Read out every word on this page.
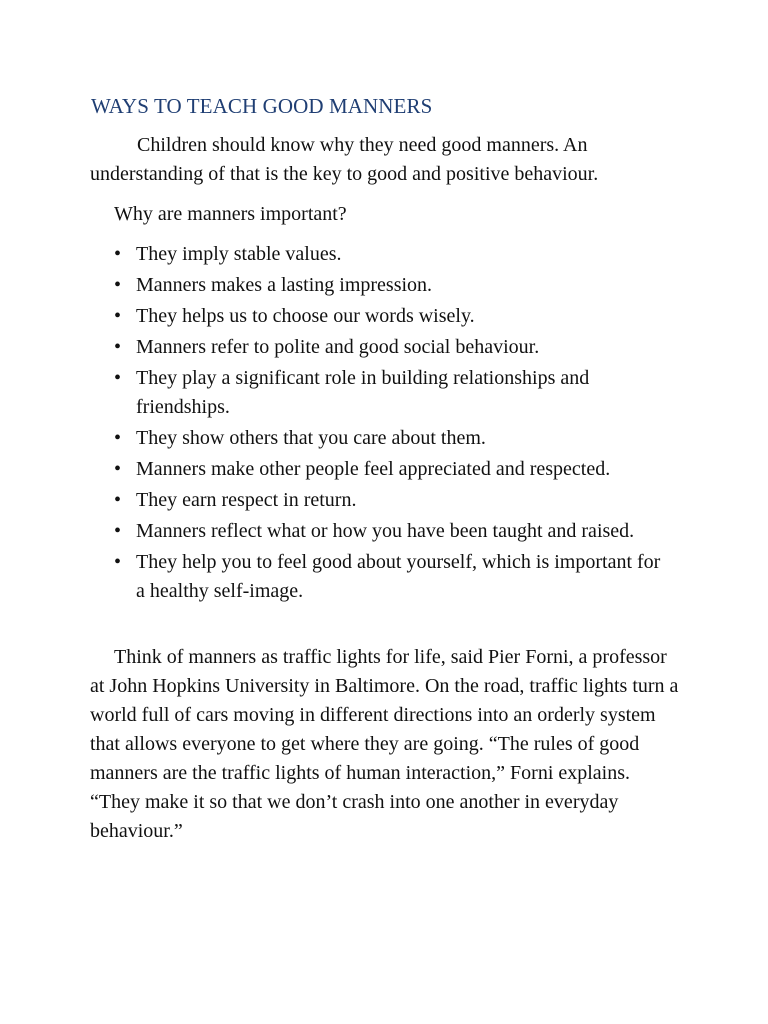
WAYS TO TEACH GOOD MANNERS

Children should know why they need good manners. An understanding of that is the key to good and positive behaviour.

Why are manners important?

• They imply stable values.
• Manners makes a lasting impression.
• They helps us to choose our words wisely.
• Manners refer to polite and good social behaviour.
• They play a significant role in building relationships and friendships.
• They show others that you care about them.
• Manners make other people feel appreciated and respected.
• They earn respect in return.
• Manners reflect what or how you have been taught and raised.
• They help you to feel good about yourself, which is important for a healthy self-image.

Think of manners as traffic lights for life, said Pier Forni, a professor at John Hopkins University in Baltimore. On the road, traffic lights turn a world full of cars moving in different directions into an orderly system that allows everyone to get where they are going. “The rules of good manners are the traffic lights of human interaction,” Forni explains. “They make it so that we don’t crash into one another in everyday behaviour.”
